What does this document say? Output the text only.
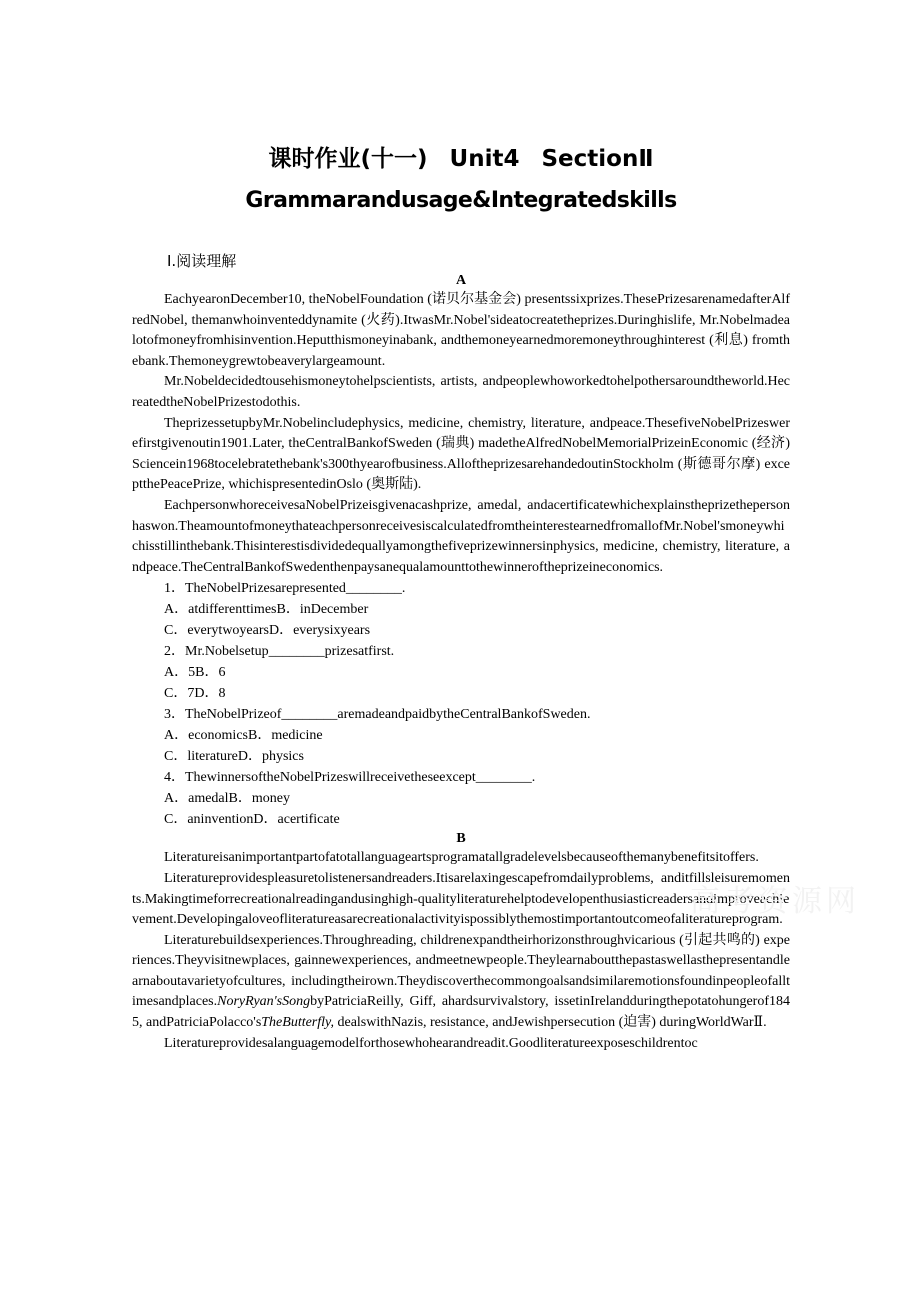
课时作业(十一) Unit4 SectionⅡ
Grammarandusage&Integratedskills
Ⅰ.阅读理解
A

EachyearonDecember10, theNobelFoundation (诺贝尔基金会) presentssixprizes.ThesePrizesarenamedafterAlfredNobel, themanwhoinventeddynamite (火药).ItwasMr.Nobel'sideatocreatetheprizes.Duringhislife, Mr.Nobelmadealotofmoneyfromhisinvention.Heputthismoneyinabank, andthemoneyearnedmoremoneythroughinterest (利息) fromthebank.Themoneygrewtobeaverylargeamount.

Mr.Nobeldecidedtousehismoneytohelpscientists, artists, andpeoplewhoworkedtohelpothersaroundtheworld.HecreatedtheNobelPrizestodothis.

TheprizessetupbyMr.Nobelincludephysics, medicine, chemistry, literature, andpeace.ThesefiveNobelPrizeswerefirstgivenoutin1901.Later, theCentralBankofSweden (瑞典) madetheAlfredNobelMemorialPrizeinEconomic (经济) Sciencein1968tocelebratethebank's300thyearofbusiness.AlloftheprizesarehandedoutinStockholm (斯德哥尔摩) exceptthePeacePrize, whichispresentedinOslo (奥斯陆).

EachpersonwhoreceivesaNobelPrizeisgivenacashprize, amedal, andacertificatewhichexplainstheprizethepersonhaswon.TheamountofmoneythateachpersonreceivesiscalculatedfromtheinterestearnedfromallofMr.Nobel'smoneywhichisstillinthebank.Thisinterestisdividedequallyamongthefiveprizewinnersinphysics, medicine, chemistry, literature, andpeace.TheCentralBankofSwedenthenpaysanequalamounttothewinneroftheprizeineconomics.

1．TheNobelPrizesarepresented________.
A．atdifferenttimesB．inDecember
C．everytwoyearsD．everysixyears
2．Mr.Nobelsetup________prizesatfirst.
A．5B．6
C．7D．8
3．TheNobelPrizeof________aremadeandpaidbytheCentralBankofSweden.
A．economicsB．medicine
C．literatureD．physics
4．ThewinnersoftheNobelPrizeswillreceivetheseexcept________.
A．amedalB．money
C．aninventionD．acertificate
B

Literatureisanimportantpartofatotallanguageartsprogramatallgradelevelsbecauseofthemanybenefitsitoffers.

Literatureprovidespleasuretolistenersandreaders.Itisarelaxingescapefromdailyproblems, anditfillsleisuremoments.Makingtimeforrecreationalreadingandusinghigh-qualityliteraturehelptodevelopenthusiasticreadersandimproveachievement.Developingaloveofliteratureasarecreationalactivityispossiblythemostimportantoutcomeofaliteratureprogram.

Literaturebuildsexperiences.Throughreading, childrenexpandtheirhorizonsthroughvicarious (引起共鸣的) experiences.Theyvisitnewplaces, gainnewexperiences, andmeetnewpeople.Theylearnaboutthepastaswellasthepresentandlearnaboutavarietyofcultures, includingtheirown.Theydiscoverthecommongoalsandsimilaremotionsfoundinpeopleofalltimesandplaces.NoryRyan'sSongbyPatriciaReilly, Giff, ahardsurvivalstory, issetinIrelandduringthepotatohungerof1845, andPatriciaPolacco'sTheButterfly, dealswithNazis, resistance, andJewishpersecution (迫害) duringWorldWarⅡ.

Literatureprovidesalanguagemodelforthosewhohearandreadit.Goodliteratureexposeschildrentoc

高考资源网
